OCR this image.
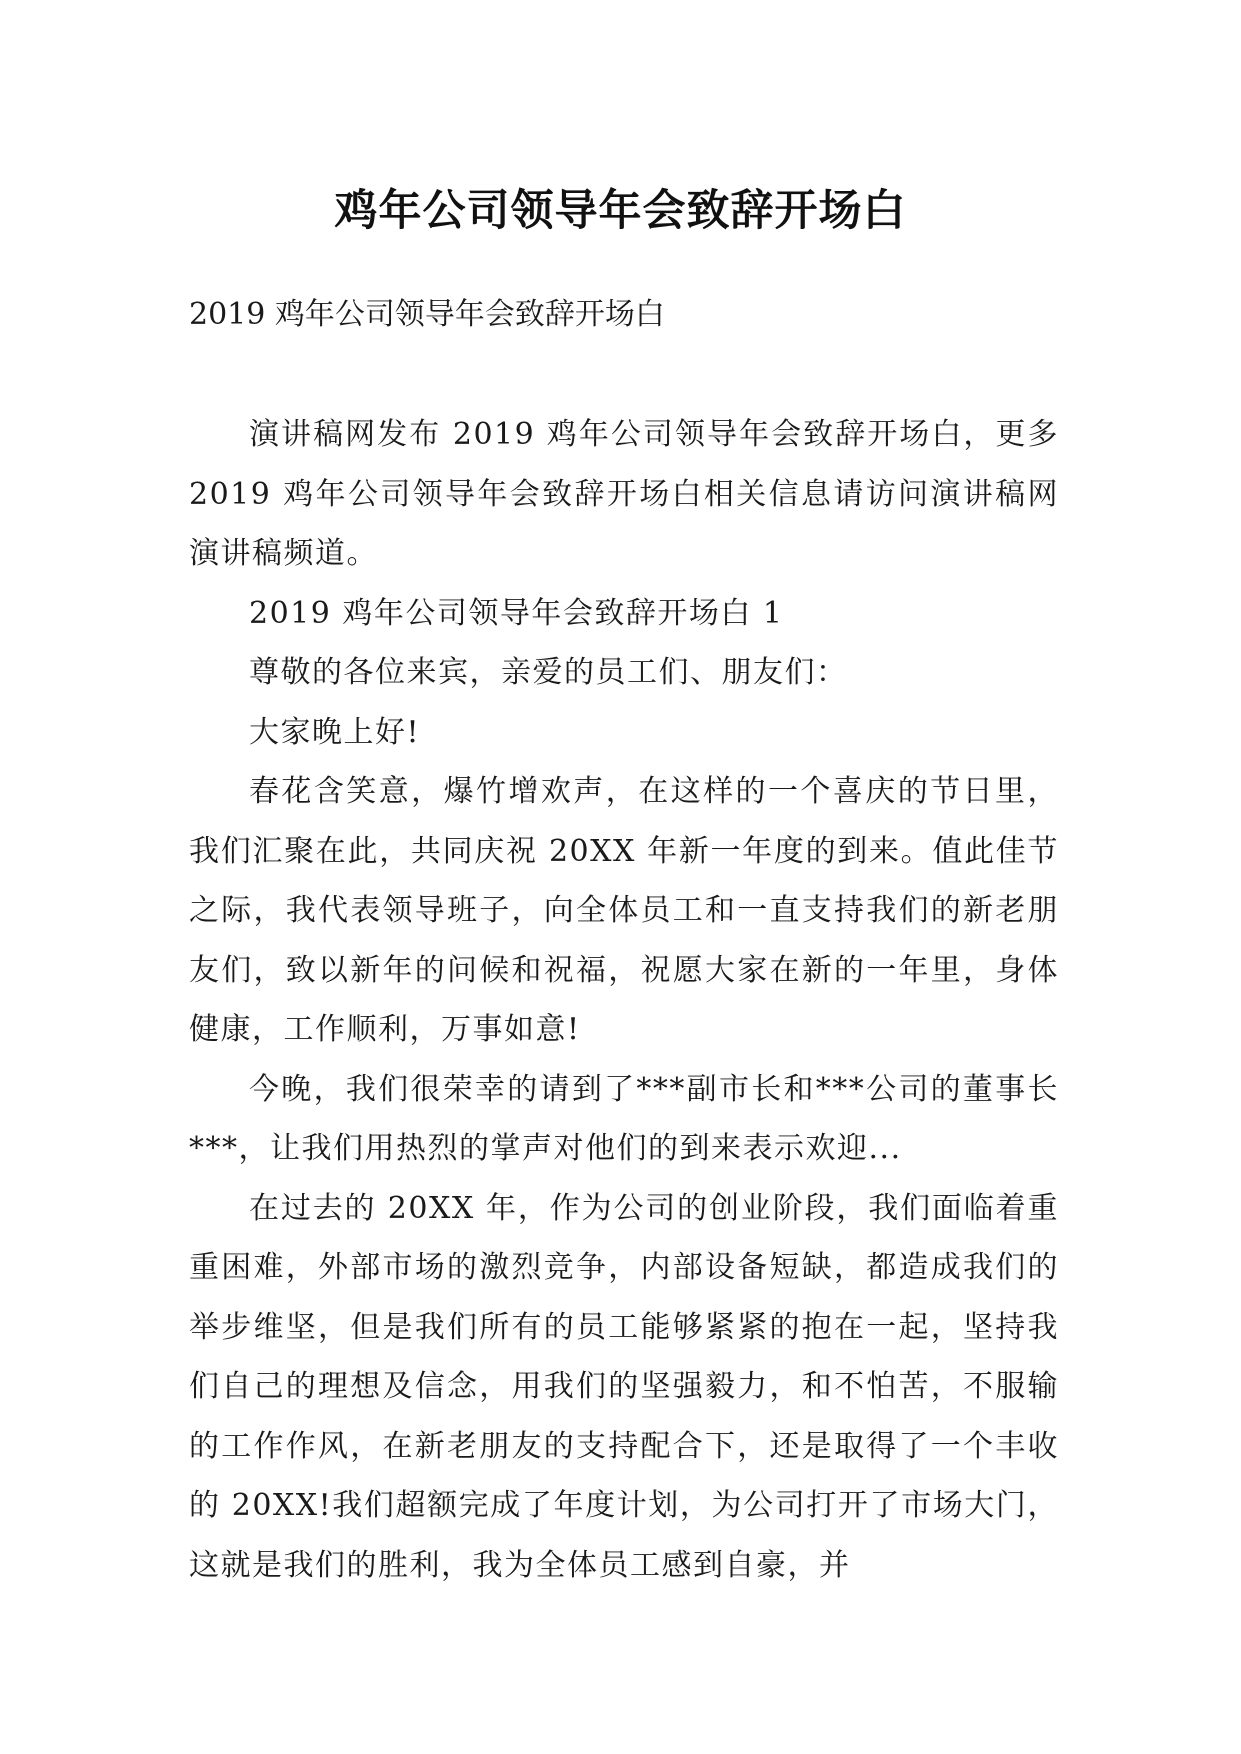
鸡年公司领导年会致辞开场白
2019 鸡年公司领导年会致辞开场白

演讲稿网发布 2019 鸡年公司领导年会致辞开场白，更多 2019 鸡年公司领导年会致辞开场白相关信息请访问演讲稿网演讲稿频道。

2019 鸡年公司领导年会致辞开场白 1

尊敬的各位来宾，亲爱的员工们、朋友们：

大家晚上好!

春花含笑意，爆竹增欢声，在这样的一个喜庆的节日里，我们汇聚在此，共同庆祝 20XX 年新一年度的到来。值此佳节之际，我代表领导班子，向全体员工和一直支持我们的新老朋友们，致以新年的问候和祝福，祝愿大家在新的一年里，身体健康，工作顺利，万事如意!

今晚，我们很荣幸的请到了***副市长和***公司的董事长***，让我们用热烈的掌声对他们的到来表示欢迎...

在过去的 20XX 年，作为公司的创业阶段，我们面临着重重困难，外部市场的激烈竞争，内部设备短缺，都造成我们的举步维坚，但是我们所有的员工能够紧紧的抱在一起，坚持我们自己的理想及信念，用我们的坚强毅力，和不怕苦，不服输的工作作风，在新老朋友的支持配合下，还是取得了一个丰收的 20XX!我们超额完成了年度计划，为公司打开了市场大门，这就是我们的胜利，我为全体员工感到自豪，并
